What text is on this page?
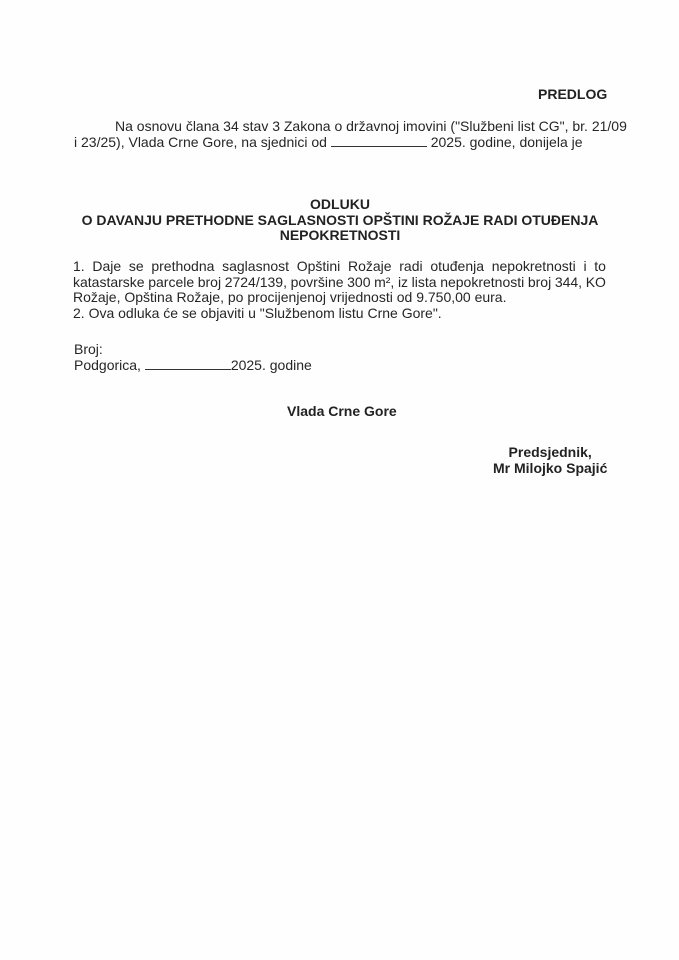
PREDLOG
Na osnovu člana 34 stav 3 Zakona o državnoj imovini ("Službeni list CG", br. 21/09
i 23/25), Vlada Crne Gore, na sjednici od	2025. godine, donijela je
ODLUKU
O DAVANJU PRETHODNE SAGLASNOSTI OPŠTINI ROŽAJE RADI OTUĐENJA
NEPOKRETNOSTI
1. Daje se prethodna saglasnost Opštini Rožaje radi otuđenja nepokretnosti i to
katastarske parcele broj 2724/139, površine 300 m², iz lista nepokretnosti broj 344, KO
Rožaje, Opština Rožaje, po procijenjenoj vrijednosti od 9.750,00 eura.
2. Ova odluka će se objaviti u "Službenom listu Crne Gore".
Broj:
Podgorica,	2025. godine
Vlada Crne Gore
Predsjednik,
Mr Milojko Spajić
